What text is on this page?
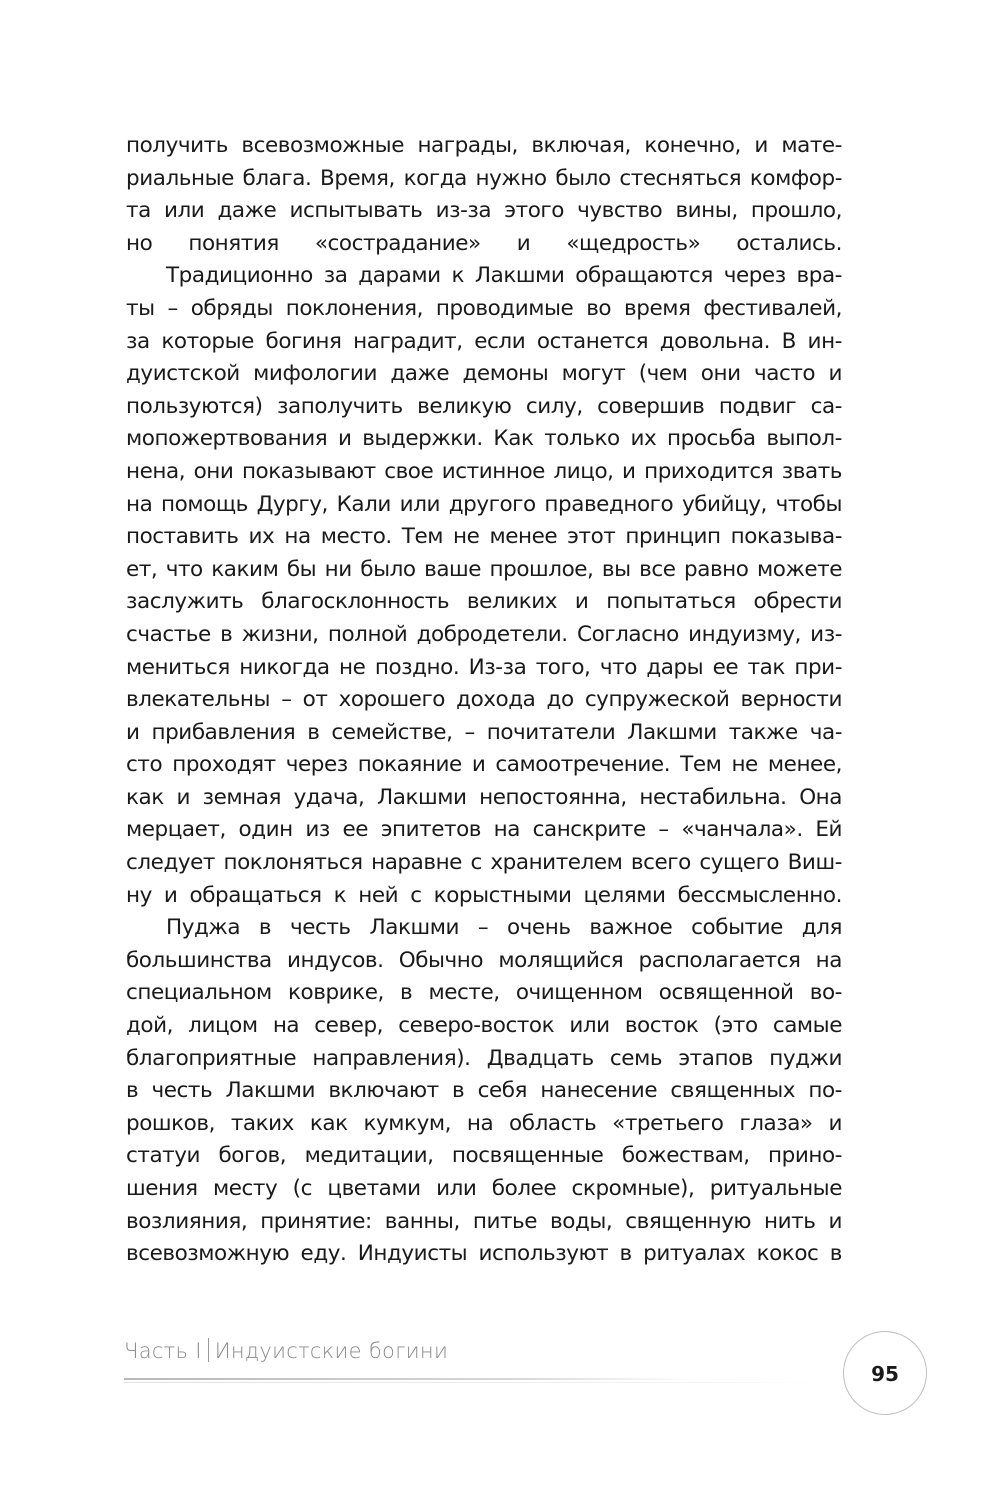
получить всевозможные награды, включая, конечно, и мате-
риальные блага. Время, когда нужно было стесняться комфор-
та или даже испытывать из-за этого чувство вины, прошло,
но понятия «сострадание» и «щедрость» остались.
Традиционно за дарами к Лакшми обращаются через вра-
ты – обряды поклонения, проводимые во время фестивалей,
за которые богиня наградит, если останется довольна. В ин-
дуистской мифологии даже демоны могут (чем они часто и
пользуются) заполучить великую силу, совершив подвиг са-
мопожертвования и выдержки. Как только их просьба выпол-
нена, они показывают свое истинное лицо, и приходится звать
на помощь Дургу, Кали или другого праведного убийцу, чтобы
поставить их на место. Тем не менее этот принцип показыва-
ет, что каким бы ни было ваше прошлое, вы все равно можете
заслужить благосклонность великих и попытаться обрести
счастье в жизни, полной добродетели. Согласно индуизму, из-
мениться никогда не поздно. Из-за того, что дары ее так при-
влекательны – от хорошего дохода до супружеской верности
и прибавления в семействе, – почитатели Лакшми также ча-
сто проходят через покаяние и самоотречение. Тем не менее,
как и земная удача, Лакшми непостоянна, нестабильна. Она
мерцает, один из ее эпитетов на санскрите – «чанчала». Ей
следует поклоняться наравне с хранителем всего сущего Виш-
ну и обращаться к ней с корыстными целями бессмысленно.
Пуджа в честь Лакшми – очень важное событие для
большинства индусов. Обычно молящийся располагается на
специальном коврике, в месте, очищенном освященной во-
дой, лицом на север, северо-восток или восток (это самые
благоприятные направления). Двадцать семь этапов пуджи
в честь Лакшми включают в себя нанесение священных по-
рошков, таких как кумкум, на область «третьего глаза» и
статуи богов, медитации, посвященные божествам, прино-
шения месту (с цветами или более скромные), ритуальные
возлияния, принятие: ванны, питье воды, священную нить и
всевозможную еду. Индуисты используют в ритуалах кокос в
Часть I Индуистские богини
95
